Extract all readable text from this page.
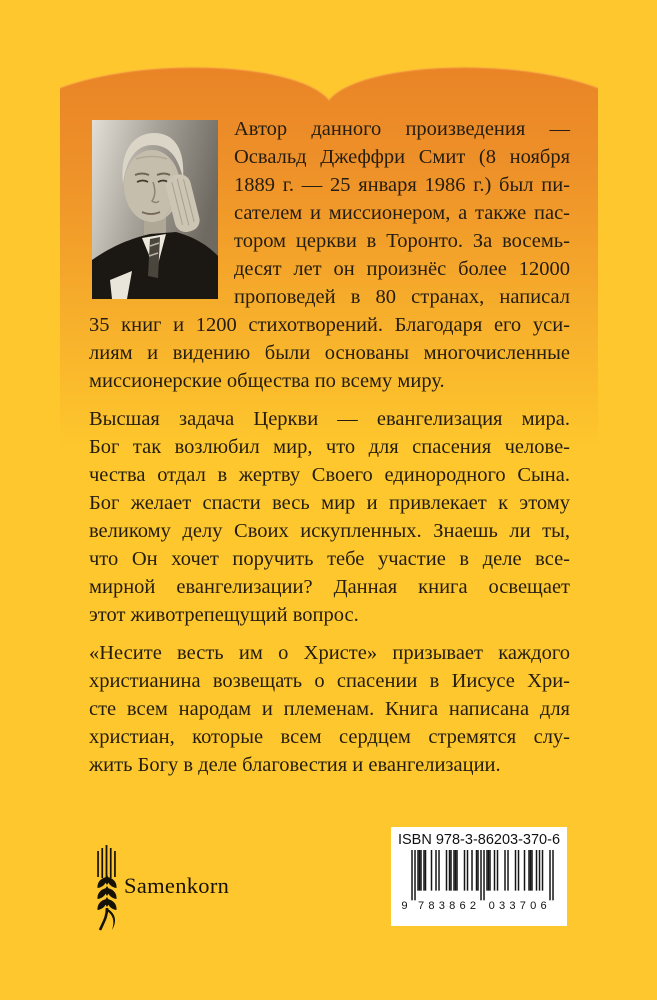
Автор данного произведения —
Освальд Джеффри Смит (8 ноября
1889 г. — 25 января 1986 г.) был пи-
сателем и миссионером, а также пас-
тором церкви в Торонто. За восемь-
десят лет он произнёс более 12000
проповедей в 80 странах, написал
35 книг и 1200 стихотворений. Благодаря его уси-
лиям и видению были основаны многочисленные
миссионерские общества по всему миру.
Высшая задача Церкви — евангелизация мира.
Бог так возлюбил мир, что для спасения челове-
чества отдал в жертву Своего единородного Сына.
Бог желает спасти весь мир и привлекает к этому
великому делу Своих искупленных. Знаешь ли ты,
что Он хочет поручить тебе участие в деле все-
мирной евангелизации? Данная книга освещает
этот животрепещущий вопрос.
«Несите весть им о Христе» призывает каждого
христианина возвещать о спасении в Иисусе Хри-
сте всем народам и племенам. Книга написана для
христиан, которые всем сердцем стремятся слу-
жить Богу в деле благовестия и евангелизации.
Samenkorn
ISBN 978-3-86203-370-6
9 783862 033706
